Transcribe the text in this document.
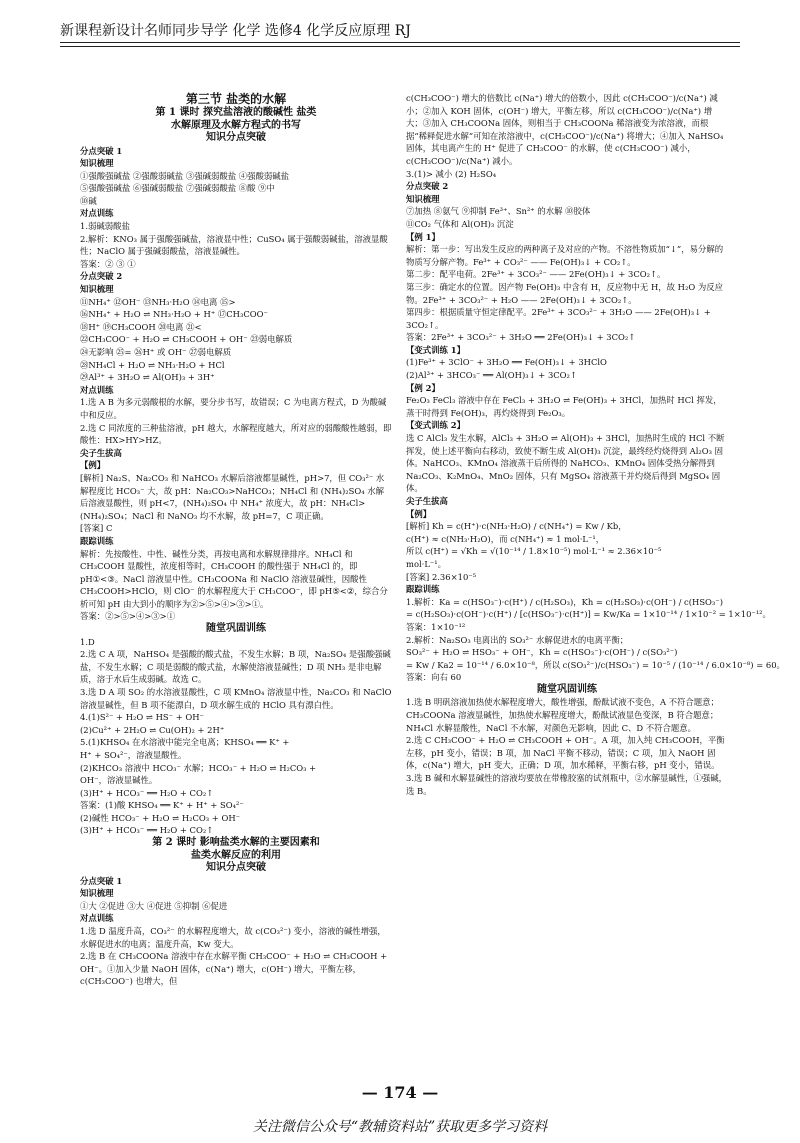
新课程新设计名师同步导学 化学 选修4 化学反应原理 RJ
第三节 盐类的水解
第 1 课时 探究盐溶液的酸碱性 盐类
水解原理及水解方程式的书写
知识分点突破
分点突破 1
知识梳理
①强酸强碱盐 ②强酸弱碱盐 ③强碱弱酸盐 ④强酸弱碱盐
⑤强酸强碱盐 ⑥强碱弱酸盐 ⑦强碱弱酸盐 ⑧酸 ⑨中
⑩碱
对点训练
1.弱碱弱酸盐
2.解析：KNO₃ 属于强酸强碱盐，溶液显中性；CuSO₄ 属于强酸弱碱盐，溶液显酸性；NaClO 属于强碱弱酸盐，溶液显碱性。
答案：② ③ ①
分点突破 2
知识梳理
⑪NH₄⁺ ⑫OH⁻ ⑬NH₃·H₂O ⑭电离 ⑮>
⑯NH₄⁺ + H₂O ⇌ NH₃·H₂O + H⁺ ⑰CH₃COO⁻
⑱H⁺ ⑲CH₃COOH ⑳电离 ㉑<
㉒CH₃COO⁻ + H₂O ⇌ CH₃COOH + OH⁻ ㉓弱电解质
㉔无影响 ㉕= ㉖H⁺ 或 OH⁻ ㉗弱电解质
㉘NH₄Cl + H₂O ⇌ NH₃·H₂O + HCl
㉙Al³⁺ + 3H₂O ⇌ Al(OH)₃ + 3H⁺
对点训练
1.选 A B 为多元弱酸根的水解，要分步书写，故错误；C 为电离方程式，D 为酸碱中和反应。
2.选 C 同浓度的三种盐溶液，pH 越大，水解程度越大，所对应的弱酸酸性越弱，即酸性：HX>HY>HZ。
尖子生拔高
【例】
[解析] Na₂S、Na₂CO₃ 和 NaHCO₃ 水解后溶液都显碱性，pH>7，但 CO₃²⁻ 水解程度比 HCO₃⁻ 大，故 pH：Na₂CO₃>NaHCO₃；NH₄Cl 和 (NH₄)₂SO₄ 水解后溶液显酸性，则 pH<7，(NH₄)₂SO₄ 中 NH₄⁺ 浓度大，故 pH：NH₄Cl>(NH₄)₂SO₄；NaCl 和 NaNO₃ 均不水解，故 pH=7，C 项正确。
[答案] C
跟踪训练
解析：先按酸性、中性、碱性分类，再按电离和水解规律排序。NH₄Cl 和 CH₃COOH 显酸性，浓度相等时，CH₃COOH 的酸性强于 NH₄Cl 的，即 pH①<③。NaCl 溶液显中性。CH₃COONa 和 NaClO 溶液显碱性，因酸性 CH₃COOH>HClO，则 ClO⁻ 的水解程度大于 CH₃COO⁻，即 pH⑤<②，综合分析可知 pH 由大到小的顺序为②>⑤>④>③>①。
答案：②>⑤>④>③>①
随堂巩固训练
1.D
2.选 C A 项，NaHSO₄ 是强酸的酸式盐，不发生水解；B 项，Na₂SO₄ 是强酸强碱盐，不发生水解；C 项是弱酸的酸式盐，水解使溶液显碱性；D 项 NH₃ 是非电解质，溶于水后生成弱碱。故选 C。
3.选 D A 项 SO₂ 的水溶液显酸性，C 项 KMnO₄ 溶液显中性，Na₂CO₃ 和 NaClO 溶液显碱性，但 B 项不能漂白，D 项水解生成的 HClO 具有漂白性。
4.(1)S²⁻ + H₂O ⇌ HS⁻ + OH⁻
(2)Cu²⁺ + 2H₂O ⇌ Cu(OH)₂ + 2H⁺
5.(1)KHSO₄ 在水溶液中能完全电离；KHSO₄ ══ K⁺ +
H⁺ + SO₄²⁻，溶液显酸性。
(2)KHCO₃ 溶液中 HCO₃⁻ 水解；HCO₃⁻ + H₂O ⇌ H₂CO₃ +
OH⁻，溶液显碱性。
(3)H⁺ + HCO₃⁻ ══ H₂O + CO₂↑
答案：(1)酸 KHSO₄ ══ K⁺ + H⁺ + SO₄²⁻
(2)碱性 HCO₃⁻ + H₂O ⇌ H₂CO₃ + OH⁻
(3)H⁺ + HCO₃⁻ ══ H₂O + CO₂↑
第 2 课时 影响盐类水解的主要因素和
盐类水解反应的利用
知识分点突破
分点突破 1
知识梳理
①大 ②促进 ③大 ④促进 ⑤抑制 ⑥促进
对点训练
1.选 D 温度升高，CO₃²⁻ 的水解程度增大，故 c(CO₃²⁻) 变小，溶液的碱性增强，水解促进水的电离；温度升高，Kw 变大。
2.选 B 在 CH₃COONa 溶液中存在水解平衡 CH₃COO⁻ + H₂O ⇌ CH₃COOH + OH⁻。①加入少量 NaOH 固体，c(Na⁺) 增大，c(OH⁻) 增大，平衡左移，c(CH₃COO⁻) 也增大，但
c(CH₃COO⁻) 增大的倍数比 c(Na⁺) 增大的倍数小，因此 c(CH₃COO⁻)/c(Na⁺) 减小；②加入 KOH 固体，c(OH⁻) 增大，平衡左移，所以 c(CH₃COO⁻)/c(Na⁺) 增大；③加入 CH₃COONa 固体，则相当于 CH₃COONa 稀溶液变为浓溶液，而根据“稀释促进水解”可知在浓溶液中，c(CH₃COO⁻)/c(Na⁺) 将增大；④加入 NaHSO₄ 固体，其电离产生的 H⁺ 促进了 CH₃COO⁻ 的水解，使 c(CH₃COO⁻) 减小，c(CH₃COO⁻)/c(Na⁺) 减小。
3.(1)> 减小 (2) H₂SO₄
分点突破 2
知识梳理
⑦加热 ⑧氨气 ⑨抑制 Fe³⁺、Sn²⁺ 的水解 ⑩胶体
⑪CO₂ 气体和 Al(OH)₃ 沉淀
【例 1】
解析：第一步：写出发生反应的两种离子及对应的产物。不溶性物质加“↓”，易分解的物质写分解产物。Fe³⁺ + CO₃²⁻ —— Fe(OH)₃↓ + CO₂↑。
第二步：配平电荷。2Fe³⁺ + 3CO₃²⁻ —— 2Fe(OH)₃↓ + 3CO₂↑。
第三步：确定水的位置。因产物 Fe(OH)₃ 中含有 H，反应物中无 H，故 H₂O 为反应物。2Fe³⁺ + 3CO₃²⁻ + H₂O —— 2Fe(OH)₃↓ + 3CO₂↑。
第四步：根据质量守恒定律配平。2Fe³⁺ + 3CO₃²⁻ + 3H₂O —— 2Fe(OH)₃↓ + 3CO₂↑。
答案：2Fe³⁺ + 3CO₃²⁻ + 3H₂O ══ 2Fe(OH)₃↓ + 3CO₂↑
【变式训练 1】
(1)Fe³⁺ + 3ClO⁻ + 3H₂O ══ Fe(OH)₃↓ + 3HClO
(2)Al³⁺ + 3HCO₃⁻ ══ Al(OH)₃↓ + 3CO₂↑
【例 2】
Fe₂O₃ FeCl₃ 溶液中存在 FeCl₃ + 3H₂O ⇌ Fe(OH)₃ + 3HCl，加热时 HCl 挥发，蒸干时得到 Fe(OH)₃，再灼烧得到 Fe₂O₃。
【变式训练 2】
选 C AlCl₃ 发生水解，AlCl₃ + 3H₂O ⇌ Al(OH)₃ + 3HCl，加热时生成的 HCl 不断挥发，使上述平衡向右移动，致使不断生成 Al(OH)₃ 沉淀，最终经灼烧得到 Al₂O₃ 固体。NaHCO₃、KMnO₄ 溶液蒸干后所得的 NaHCO₃、KMnO₄ 固体受热分解得到 Na₂CO₃、K₂MnO₄、MnO₂ 固体，只有 MgSO₄ 溶液蒸干并灼烧后得到 MgSO₄ 固体。
尖子生拔高
【例】
[解析] Kh = c(H⁺)·c(NH₃·H₂O) / c(NH₄⁺) = Kw / Kb，
c(H⁺) ≈ c(NH₃·H₂O)，而 c(NH₄⁺) ≈ 1 mol·L⁻¹，
所以 c(H⁺) = √Kh = √(10⁻¹⁴ / 1.8×10⁻⁵) mol·L⁻¹ ≈ 2.36×10⁻⁵
mol·L⁻¹。
[答案] 2.36×10⁻⁵
跟踪训练
1.解析：Ka = c(HSO₃⁻)·c(H⁺) / c(H₂SO₃)，Kh = c(H₂SO₃)·c(OH⁻) / c(HSO₃⁻)
= c(H₂SO₃)·c(OH⁻)·c(H⁺) / [c(HSO₃⁻)·c(H⁺)] = Kw/Ka = 1×10⁻¹⁴ / 1×10⁻² = 1×10⁻¹²。
答案：1×10⁻¹²
2.解析：Na₂SO₃ 电离出的 SO₃²⁻ 水解促进水的电离平衡；
SO₃²⁻ + H₂O ⇌ HSO₃⁻ + OH⁻，Kh = c(HSO₃⁻)·c(OH⁻) / c(SO₃²⁻)
= Kw / Ka2 = 10⁻¹⁴ / 6.0×10⁻⁸，所以 c(SO₃²⁻)/c(HSO₃⁻) = 10⁻⁵ / (10⁻¹⁴ / 6.0×10⁻⁸) = 60。
答案：向右 60
随堂巩固训练
1.选 B 明矾溶液加热使水解程度增大，酸性增强，酚酞试液不变色，A 不符合题意；CH₃COONa 溶液显碱性，加热使水解程度增大，酚酞试液显色变深，B 符合题意；NH₄Cl 水解显酸性，NaCl 不水解，对颜色无影响，因此 C、D 不符合题意。
2.选 C CH₃COO⁻ + H₂O ⇌ CH₃COOH + OH⁻。A 项，加入纯 CH₃COOH，平衡左移，pH 变小，错误；B 项，加 NaCl 平衡不移动，错误；C 项，加入 NaOH 固体，c(Na⁺) 增大，pH 变大，正确；D 项，加水稀释，平衡右移，pH 变小，错误。
3.选 B 碱和水解显碱性的溶液均要放在带橡胶塞的试剂瓶中，②水解显碱性，①强碱，选 B。
— 174 —
关注微信公众号“教辅资料站”获取更多学习资料
